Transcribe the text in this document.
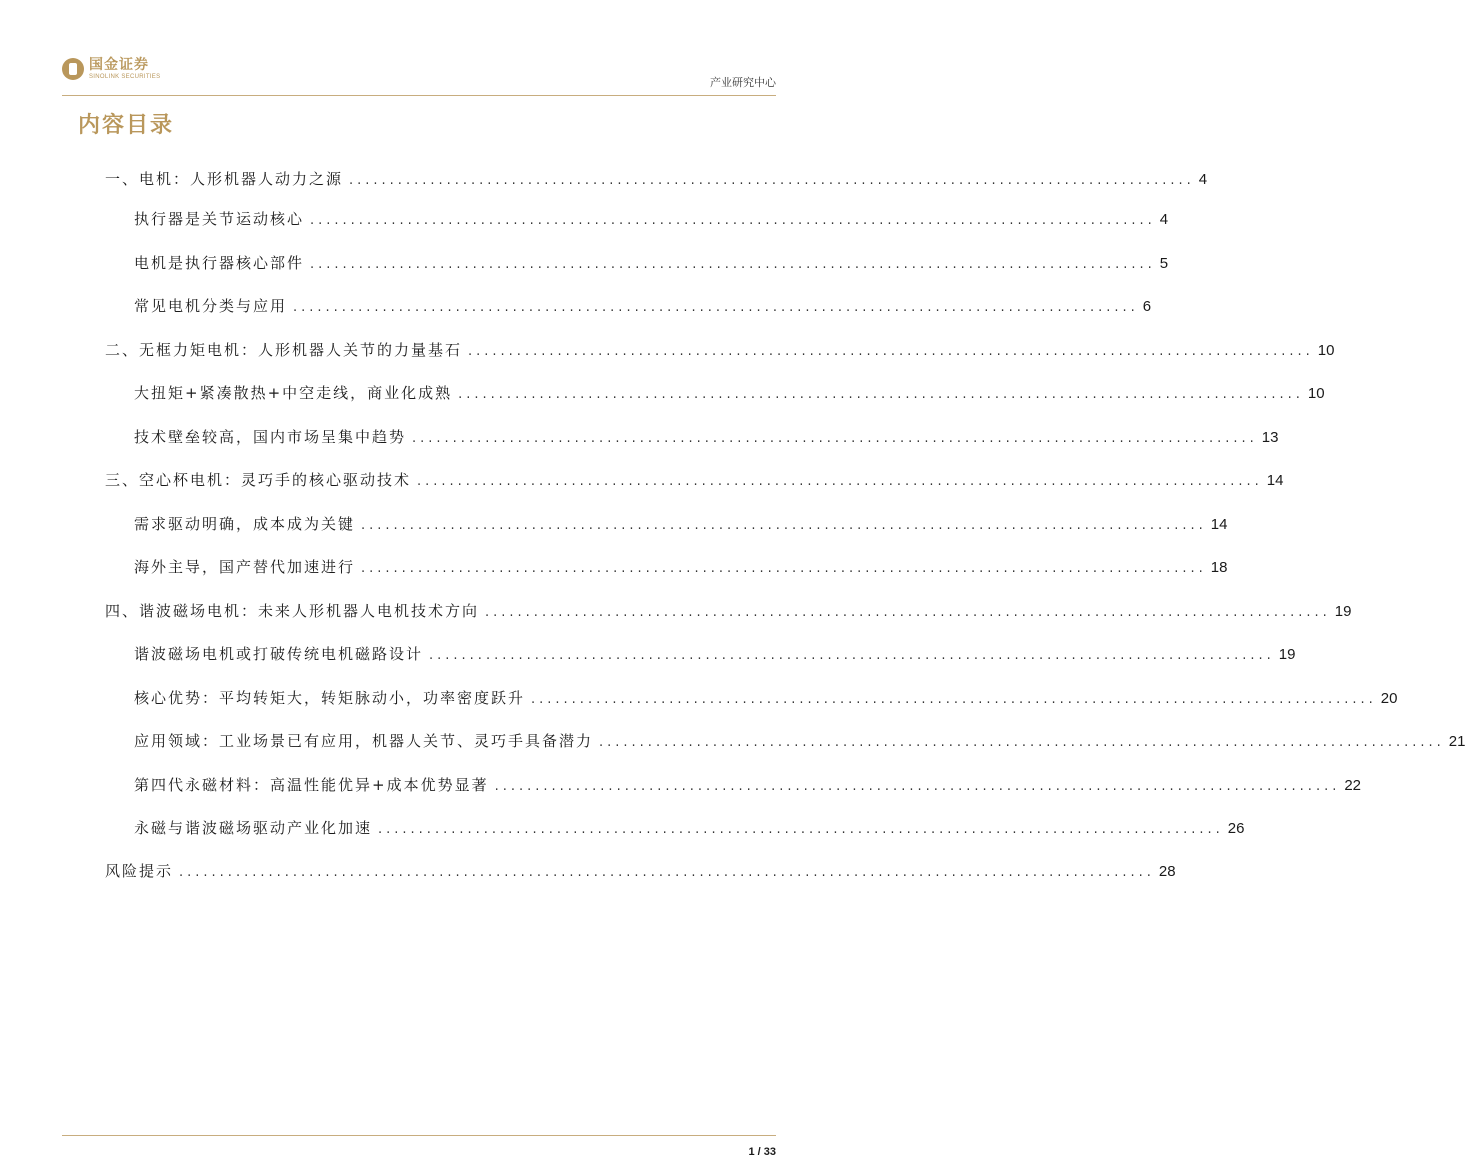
国金证券
SINOLINK SECURITIES	产业研究中心
内容目录
一、电机：人形机器人动力之源 ........................................................................................................ 4
执行器是关节运动核心 ........................................................................................................ 4
电机是执行器核心部件 ........................................................................................................ 5
常见电机分类与应用 ........................................................................................................ 6
二、无框力矩电机：人形机器人关节的力量基石 ........................................................................................................ 10
大扭矩+紧凑散热+中空走线，商业化成熟 ........................................................................................................ 10
技术壁垒较高，国内市场呈集中趋势 ........................................................................................................ 13
三、空心杯电机：灵巧手的核心驱动技术 ........................................................................................................ 14
需求驱动明确，成本成为关键 ........................................................................................................ 14
海外主导，国产替代加速进行 ........................................................................................................ 18
四、谐波磁场电机：未来人形机器人电机技术方向 ........................................................................................................ 19
谐波磁场电机或打破传统电机磁路设计 ........................................................................................................ 19
核心优势：平均转矩大，转矩脉动小，功率密度跃升 ........................................................................................................ 20
应用领域：工业场景已有应用，机器人关节、灵巧手具备潜力 ........................................................................................................ 21
第四代永磁材料：高温性能优异+成本优势显著 ........................................................................................................ 22
永磁与谐波磁场驱动产业化加速 ........................................................................................................ 26
风险提示 ........................................................................................................................ 28
1 / 33
